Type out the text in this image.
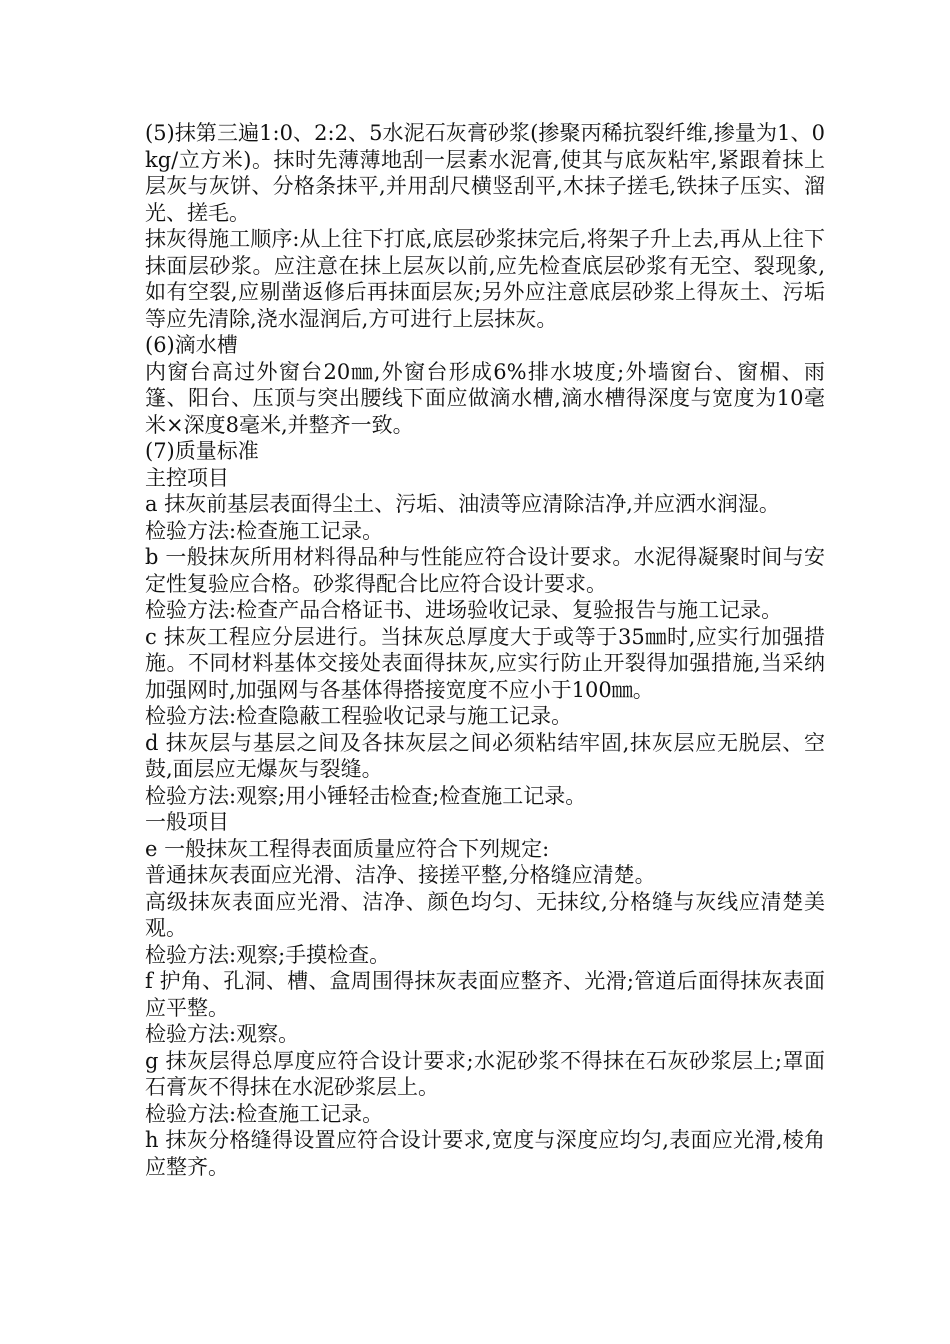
(5)抹第三遍1:0、2:2、5水泥石灰膏砂浆(掺聚丙稀抗裂纤维,掺量为1、0kg/立方米)。抹时先薄薄地刮一层素水泥膏,使其与底灰粘牢,紧跟着抹上层灰与灰饼、分格条抹平,并用刮尺横竖刮平,木抹子搓毛,铁抹子压实、溜光、搓毛。

抹灰得施工顺序:从上往下打底,底层砂浆抹完后,将架子升上去,再从上往下抹面层砂浆。应注意在抹上层灰以前,应先检查底层砂浆有无空、裂现象,如有空裂,应剔凿返修后再抹面层灰;另外应注意底层砂浆上得灰土、污垢等应先清除,浇水湿润后,方可进行上层抹灰。

(6)滴水槽

内窗台高过外窗台20㎜,外窗台形成6%排水坡度;外墙窗台、窗楣、雨篷、阳台、压顶与突出腰线下面应做滴水槽,滴水槽得深度与宽度为10毫米×深度8毫米,并整齐一致。

(7)质量标准

主控项目

a 抹灰前基层表面得尘土、污垢、油渍等应清除洁净,并应洒水润湿。

检验方法:检查施工记录。

b 一般抹灰所用材料得品种与性能应符合设计要求。水泥得凝聚时间与安定性复验应合格。砂浆得配合比应符合设计要求。

检验方法:检查产品合格证书、进场验收记录、复验报告与施工记录。

c 抹灰工程应分层进行。当抹灰总厚度大于或等于35㎜时,应实行加强措施。不同材料基体交接处表面得抹灰,应实行防止开裂得加强措施,当采纳加强网时,加强网与各基体得搭接宽度不应小于100㎜。

检验方法:检查隐蔽工程验收记录与施工记录。

d 抹灰层与基层之间及各抹灰层之间必须粘结牢固,抹灰层应无脱层、空鼓,面层应无爆灰与裂缝。

检验方法:观察;用小锤轻击检查;检查施工记录。

一般项目

e 一般抹灰工程得表面质量应符合下列规定:

普通抹灰表面应光滑、洁净、接搓平整,分格缝应清楚。

高级抹灰表面应光滑、洁净、颜色均匀、无抹纹,分格缝与灰线应清楚美观。

检验方法:观察;手摸检查。

f 护角、孔洞、槽、盒周围得抹灰表面应整齐、光滑;管道后面得抹灰表面应平整。

检验方法:观察。

g 抹灰层得总厚度应符合设计要求;水泥砂浆不得抹在石灰砂浆层上;罩面石膏灰不得抹在水泥砂浆层上。

检验方法:检查施工记录。

h 抹灰分格缝得设置应符合设计要求,宽度与深度应均匀,表面应光滑,棱角应整齐。
